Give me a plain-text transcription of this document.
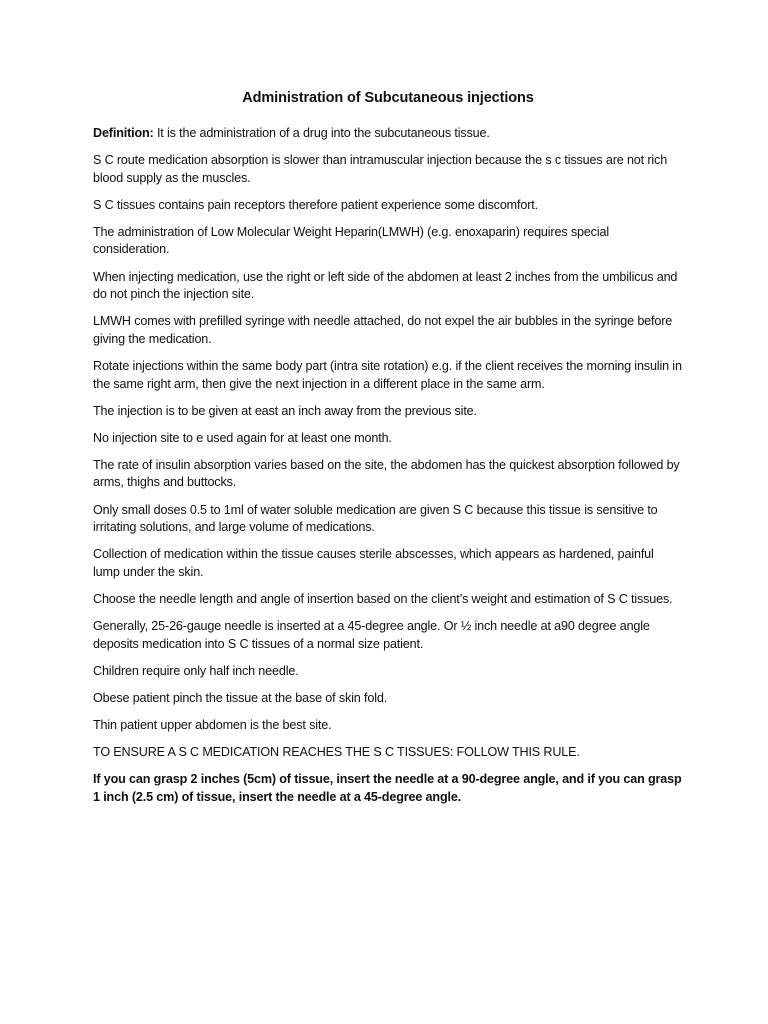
Administration of Subcutaneous injections

Definition: It is the administration of a drug into the subcutaneous tissue.

S C route medication absorption is slower than intramuscular injection because the s c tissues are not rich blood supply as the muscles.

S C tissues contains pain receptors therefore patient experience some discomfort.

The administration of Low Molecular Weight Heparin(LMWH) (e.g. enoxaparin) requires special consideration.

When injecting medication, use the right or left side of the abdomen at least 2 inches from the umbilicus and do not pinch the injection site.

LMWH comes with prefilled syringe with needle attached, do not expel the air bubbles in the syringe before giving the medication.

Rotate injections within the same body part (intra site rotation) e.g. if the client receives the morning insulin in the same right arm, then give the next injection in a different place in the same arm.

The injection is to be given at east an inch away from the previous site.

No injection site to e used again for at least one month.

The rate of insulin absorption varies based on the site, the abdomen has the quickest absorption followed by arms, thighs and buttocks.

Only small doses 0.5 to 1ml of water soluble medication are given S C because this tissue is sensitive to irritating solutions, and large volume of medications.

Collection of medication within the tissue causes sterile abscesses, which appears as hardened, painful lump under the skin.

Choose the needle length and angle of insertion based on the client’s weight and estimation of S C tissues.

Generally, 25-26-gauge needle is inserted at a 45-degree angle. Or ½ inch needle at a90 degree angle deposits medication into S C tissues of a normal size patient.

Children require only half inch needle.

Obese patient pinch the tissue at the base of skin fold.

Thin patient upper abdomen is the best site.

TO ENSURE A S C MEDICATION REACHES THE S C TISSUES: FOLLOW THIS RULE.

If you can grasp 2 inches (5cm) of tissue, insert the needle at a 90-degree angle, and if you can grasp 1 inch (2.5 cm) of tissue, insert the needle at a 45-degree angle.
